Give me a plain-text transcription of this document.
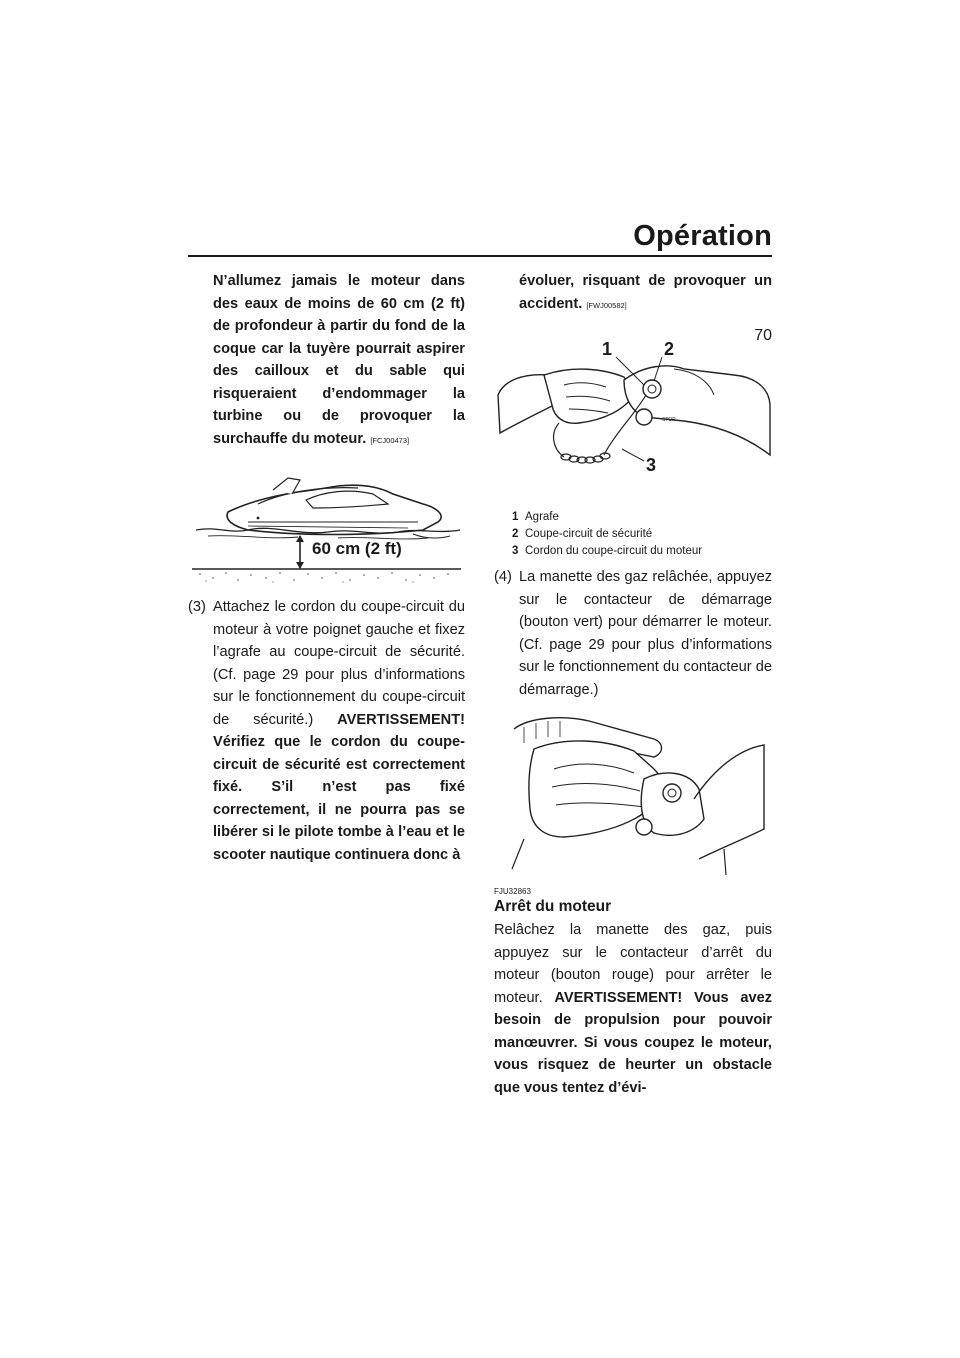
Opération
70
N’allumez jamais le moteur dans des eaux de moins de 60 cm (2 ft) de profondeur à partir du fond de la coque car la tuyère pourrait aspirer des cailloux et du sable qui risqueraient d’endommager la turbine ou de provoquer la surchauffe du moteur. [FCJ00473]
60 cm (2 ft)
(3) Attachez le cordon du coupe-circuit du moteur à votre poignet gauche et fixez l’agrafe au coupe-circuit de sécurité. (Cf. page 29 pour plus d’informations sur le fonctionnement du coupe-circuit de sécurité.) AVERTISSEMENT! Vérifiez que le cordon du coupe-circuit de sécurité est correctement fixé. S’il n’est pas fixé correctement, il ne pourra pas se libérer si le pilote tombe à l’eau et le scooter nautique continuera donc à
évoluer, risquant de provoquer un accident. [FWJ00582]
STOP
1	2
3
1 Agrafe
2 Coupe-circuit de sécurité
3 Cordon du coupe-circuit du moteur
(4) La manette des gaz relâchée, appuyez sur le contacteur de démarrage (bouton vert) pour démarrer le moteur. (Cf. page 29 pour plus d’informations sur le fonctionnement du contacteur de démarrage.)
FJU32863
Arrêt du moteur
Relâchez la manette des gaz, puis appuyez sur le contacteur d’arrêt du moteur (bouton rouge) pour arrêter le moteur. AVERTISSEMENT! Vous avez besoin de propulsion pour pouvoir manœuvrer. Si vous coupez le moteur, vous risquez de heurter un obstacle que vous tentez d’évi-
